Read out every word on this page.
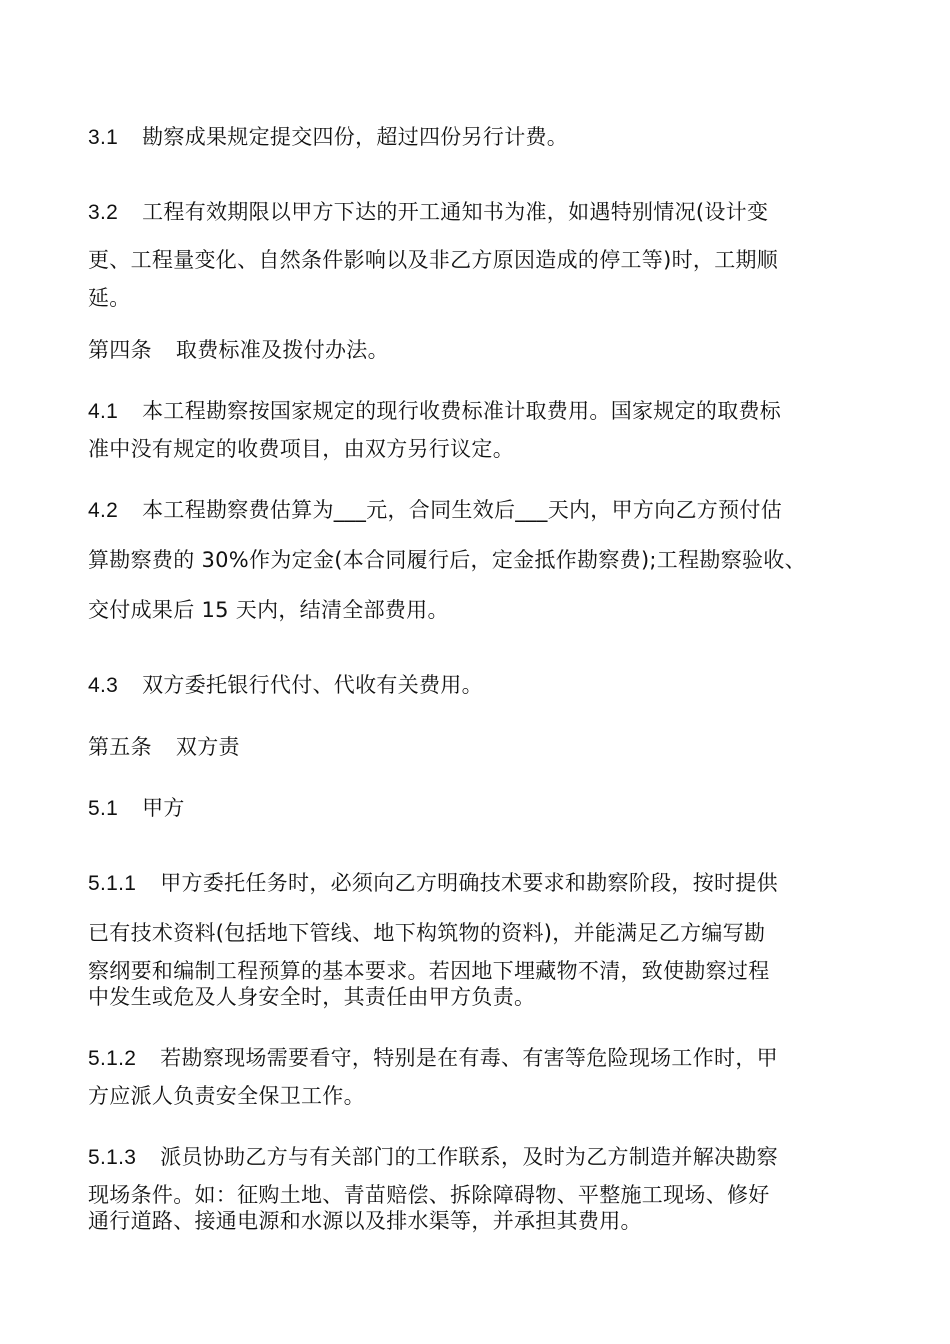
3.1 勘察成果规定提交四份，超过四份另行计费。
3.2 工程有效期限以甲方下达的开工通知书为准，如遇特别情况(设计变
更、工程量变化、自然条件影响以及非乙方原因造成的停工等)时，工期顺
延。
第四条 取费标准及拨付办法。
4.1 本工程勘察按国家规定的现行收费标准计取费用。国家规定的取费标
准中没有规定的收费项目，由双方另行议定。
4.2 本工程勘察费估算为___元，合同生效后___天内，甲方向乙方预付估
算勘察费的 30%作为定金(本合同履行后，定金抵作勘察费);工程勘察验收、
交付成果后 15 天内，结清全部费用。
4.3 双方委托银行代付、代收有关费用。
第五条 双方责
5.1 甲方
5.1.1 甲方委托任务时，必须向乙方明确技术要求和勘察阶段，按时提供
已有技术资料(包括地下管线、地下构筑物的资料)，并能满足乙方编写勘
察纲要和编制工程预算的基本要求。若因地下埋藏物不清，致使勘察过程
中发生或危及人身安全时，其责任由甲方负责。
5.1.2 若勘察现场需要看守，特别是在有毒、有害等危险现场工作时，甲
方应派人负责安全保卫工作。
5.1.3 派员协助乙方与有关部门的工作联系，及时为乙方制造并解决勘察
现场条件。如：征购土地、青苗赔偿、拆除障碍物、平整施工现场、修好
通行道路、接通电源和水源以及排水渠等，并承担其费用。
